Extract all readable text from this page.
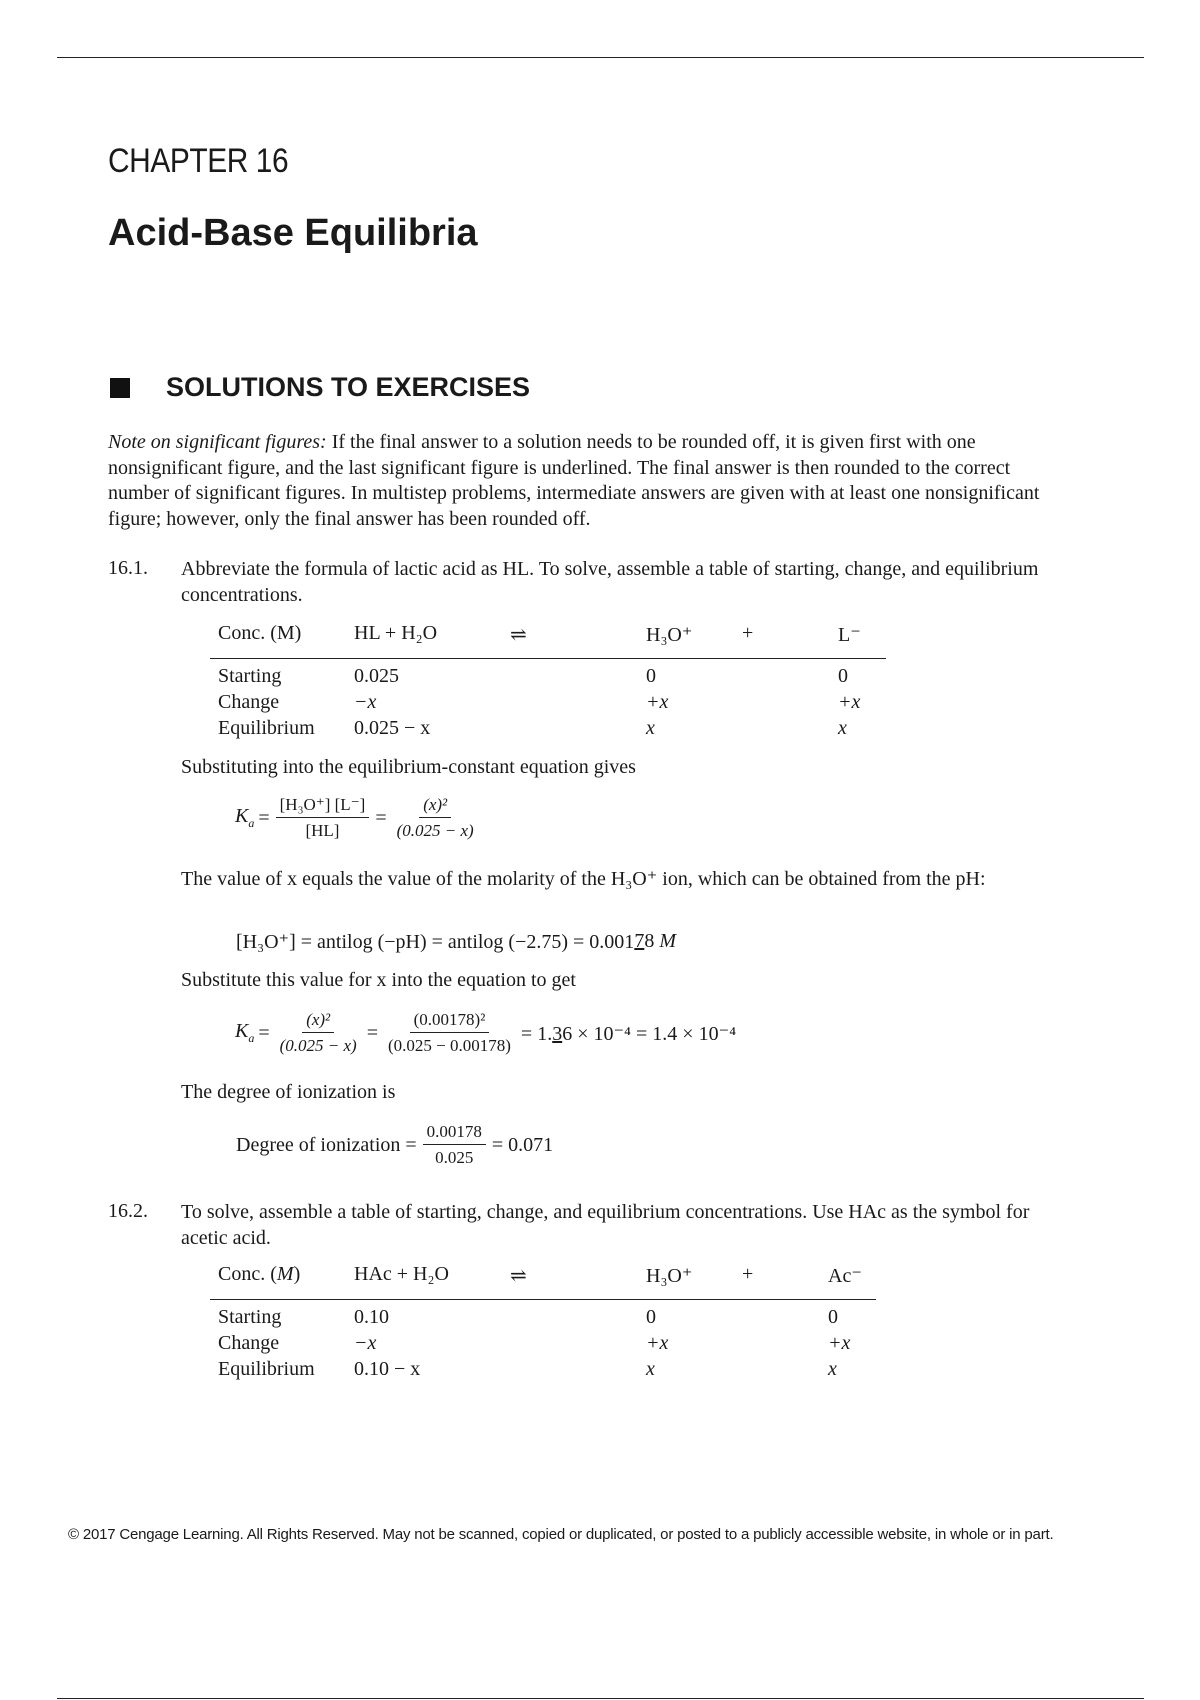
CHAPTER 16
Acid-Base Equilibria
SOLUTIONS TO EXERCISES
Note on significant figures: If the final answer to a solution needs to be rounded off, it is given first with one nonsignificant figure, and the last significant figure is underlined. The final answer is then rounded to the correct number of significant figures. In multistep problems, intermediate answers are given with at least one nonsignificant figure; however, only the final answer has been rounded off.
16.1. Abbreviate the formula of lactic acid as HL. To solve, assemble a table of starting, change, and equilibrium concentrations.
Conc. (M)	HL + H₂O	⇌	H₃O⁺	+	L⁻
Starting	0.025		0		0
Change	−x		+x		+x
Equilibrium	0.025 − x		x		x
Substituting into the equilibrium-constant equation gives
$K_a = \frac{\text{[H₃O⁺] [L⁻]}}{[HL]} = \frac{\text{(x)²}}{(0.025 - x)}$
The value of x equals the value of the molarity of the H₃O⁺ ion, which can be obtained from the pH:
[H₃O⁺] = antilog (−pH) = antilog (−2.75) = 0.001 7 8
M
Substitute this value for x into the equation to get
$K_a = \frac{\text{(x)²}}{(0.025 - x)} = \frac{\text{(0.00178)²}}{(0.025 - 0.00178)} = 1.36 \times 10^{-4} = 1.4 \times 10^{-4}$
The degree of ionization is
Degree of ionization = $\frac{0.00178}{0.025} = 0.071$
16.2. To solve, assemble a table of starting, change, and equilibrium concentrations. Use HAc as the symbol for acetic acid.
Conc. (M)	HAc + H₂O	⇌	H₃O⁺	+	Ac⁻
Starting	0.10		0		0
Change	−x		+x		+x
Equilibrium	0.10 − x		x		x
© 2017 Cengage Learning. All Rights Reserved. May not be scanned, copied or duplicated, or posted to a publicly accessible website, in whole or in part.
